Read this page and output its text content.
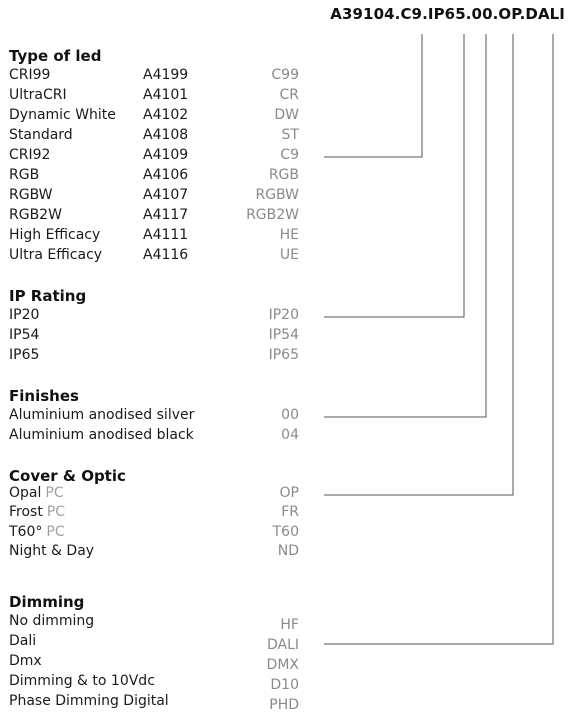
A39104.C9.IP65.00.OP.DALI
Type of led
CRI99	A4199	C99
UltraCRI	A4101	CR
Dynamic White A4102	DW
Standard	A4108	ST
CRI92	A4109	C9
RGB	A4106	RGB
RGBW	A4107	RGBW
RGB2W	A4117	RGB2W
High Efficacy	A4111	HE
Ultra Efficacy	A4116	UE
IP Rating
IP20	IP20
IP54	IP54
IP65	IP65
Finishes
Aluminium anodised silver	00
Aluminium anodised black	04
Cover & Optic
Opal PC	OP
Frost PC	FR
T60° PC	T60
Night & Day	ND
Dimming
No dimming	HF
Dali	DALI
Dmx	DMX
Dimming & to 10Vdc	D10
Phase Dimming Digital	PHD
